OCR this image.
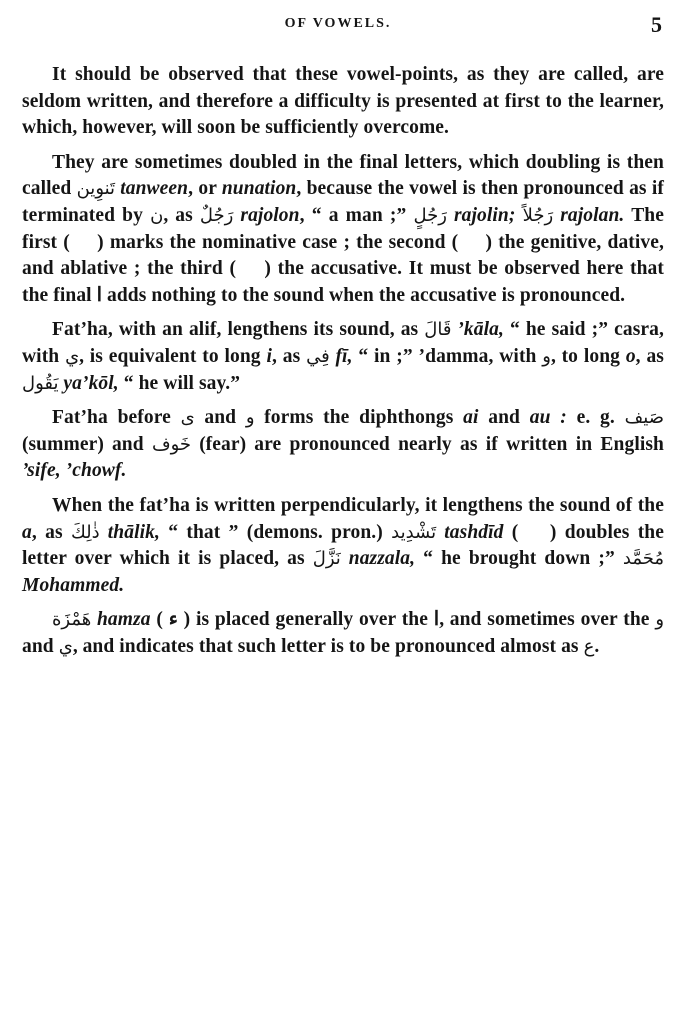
OF VOWELS.	5

It should be observed that these vowel-points, as they are called, are seldom written, and therefore a difficulty is presented at first to the learner, which, however, will soon be sufficiently overcome.

They are sometimes doubled in the final letters, which doubling is then called تَنوِين tanween, or nunation, because the vowel is then pronounced as if terminated by ن, as رَجُلٌ rajolon, “ a man ;” رَجُلٍ rajolin; رَجُلاً rajolan. The first ( ٌ ) marks the nominative case ; the second ( ٍ ) the genitive, dative, and ablative ; the third ( ً ) the accusative. It must be observed here that the final ا adds nothing to the sound when the accusative is pronounced.

Fat’ha, with an alif, lengthens its sound, as قَالَ ’kāla, “ he said ;” casra, with ي, is equivalent to long i, as فِي fī, “ in ;” ’damma, with و, to long o, as يَقُول ya’kōl, “ he will say.”

Fat’ha before ى and و forms the diphthongs ai and au : e. g. صَيف (summer) and خَوف (fear) are pronounced nearly as if written in English ’sife, ’chowf.

When the fat’ha is written perpendicularly, it lengthens the sound of the a, as ذٰلِكَ thālik, “ that ” (demons. pron.) تَشْدِيد tashdīd ( ّ ) doubles the letter over which it is placed, as نَزَّلَ nazzala, “ he brought down ;” مُحَمَّد Mohammed.

هَمْزَة hamza ( ء ) is placed generally over the ا, and sometimes over the و and ي, and indicates that such letter is to be pronounced almost as ع.
